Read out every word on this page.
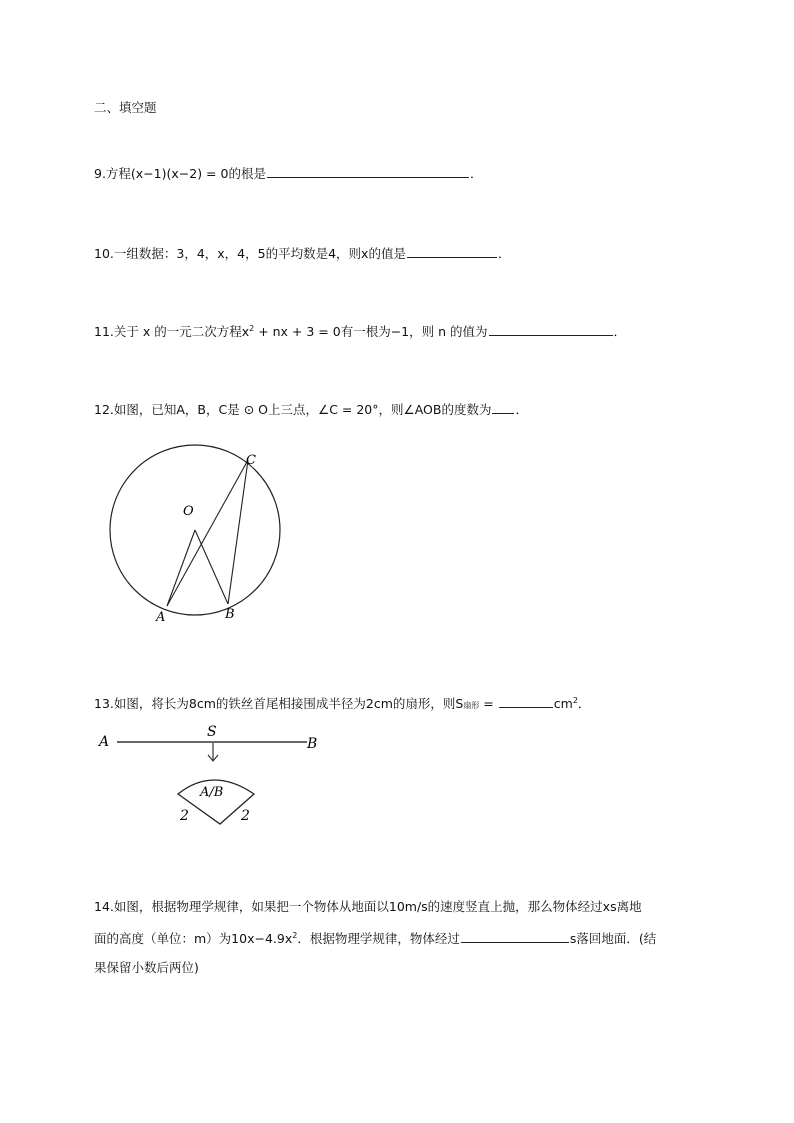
二、填空题
9.方程(x−1)(x−2) = 0的根是	．
10.一组数据：3，4，x，4，5的平均数是4，则x的值是	．
11.关于 x 的一元二次方程$x^2$ + nx + 3 = 0有一根为−1，则 n 的值为	．
12.如图，已知A，B，C是 ⊙ O上三点，∠C = 20°，则∠AOB的度数为 ．
O
C
A	B
13.如图，将长为8cm的铁丝首尾相接围成半径为2cm的扇形，则S扇形 =	$cm^2$．
A	B
S
A/B
2	2
14.如图，根据物理学规律，如果把一个物体从地面以10m/s的速度竖直上抛，那么物体经过xs离地
面的高度（单位：m）为$10x-4.9x^2$．根据物理学规律，物体经过	s落回地面．(结
果保留小数后两位)
